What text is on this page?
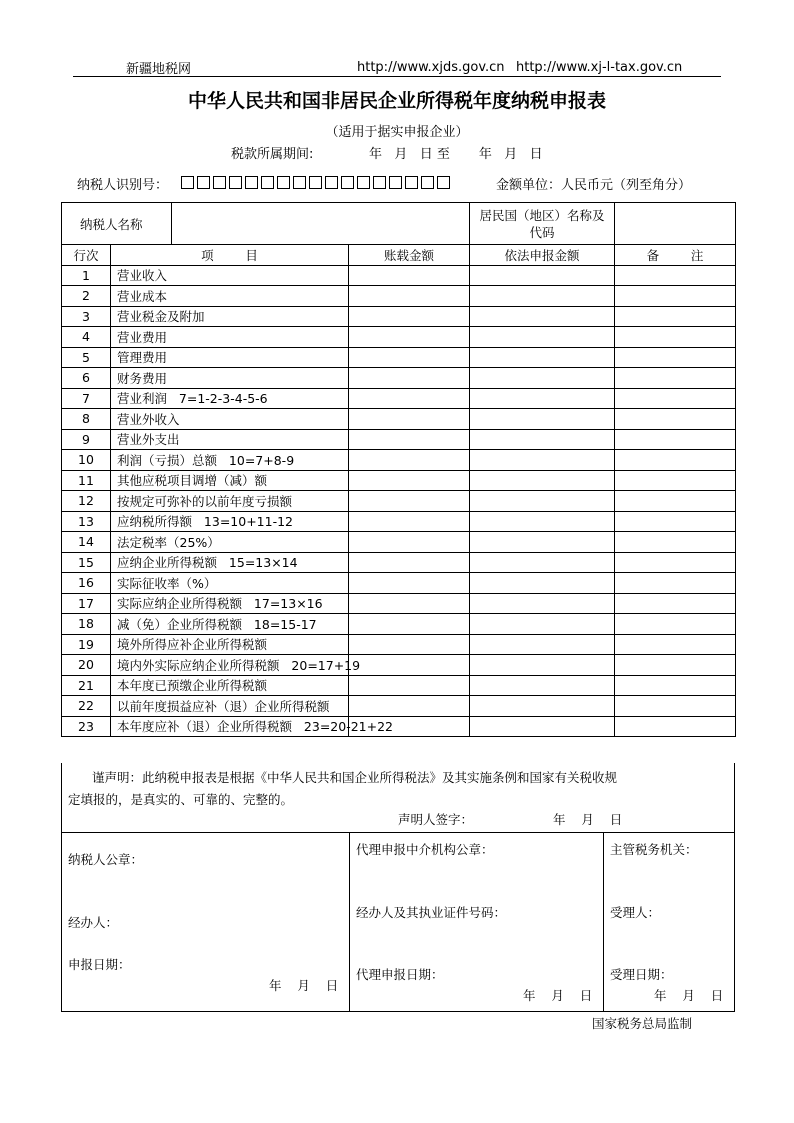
新疆地税网	http://www.xjds.gov.cn http://www.xj-l-tax.gov.cn
中华人民共和国非居民企业所得税年度纳税申报表
（适用于据实申报企业）
税款所属期间:	年   月   日 至       年   月   日
纳税人识别号：	金额单位：人民币元（列至角分）
纳税人名称				居民国（地区）名称及
代码	

行次	项        目		账载金额	依法申报金额	备        注
1	营业收入				
2	营业成本				
3	营业税金及附加				
4	营业费用				
5	管理费用				
6	财务费用				
7	营业利润   7=1-2-3-4-5-6				
8	营业外收入				
9	营业外支出				
10	利润（亏损）总额   10=7+8-9				
11	其他应税项目调增（减）额				
12	按规定可弥补的以前年度亏损额				
13	应纳税所得额   13=10+11-12				
14	法定税率（25%）				
15	应纳企业所得税额   15=13×14				
16	实际征收率（%）				
17	实际应纳企业所得税额   17=13×16				
18	减（免）企业所得税额   18=15-17				
19	境外所得应补企业所得税额				
20	境内外实际应纳企业所得税额   20=17+19				
21	本年度已预缴企业所得税额				
22	以前年度损益应补（退）企业所得税额				
23	本年度应补（退）企业所得税额   23=20-21+22				
谨声明：此纳税申报表是根据《中华人民共和国企业所得税法》及其实施条例和国家有关税收规
定填报的，是真实的、可靠的、完整的。
声明人签字：	年    月    日
纳税人公章：
经办人：
申报日期：
年    月    日
代理申报中介机构公章：
经办人及其执业证件号码：
代理申报日期：
年    月    日
主管税务机关：
受理人：
受理日期：
年    月    日
国家税务总局监制
